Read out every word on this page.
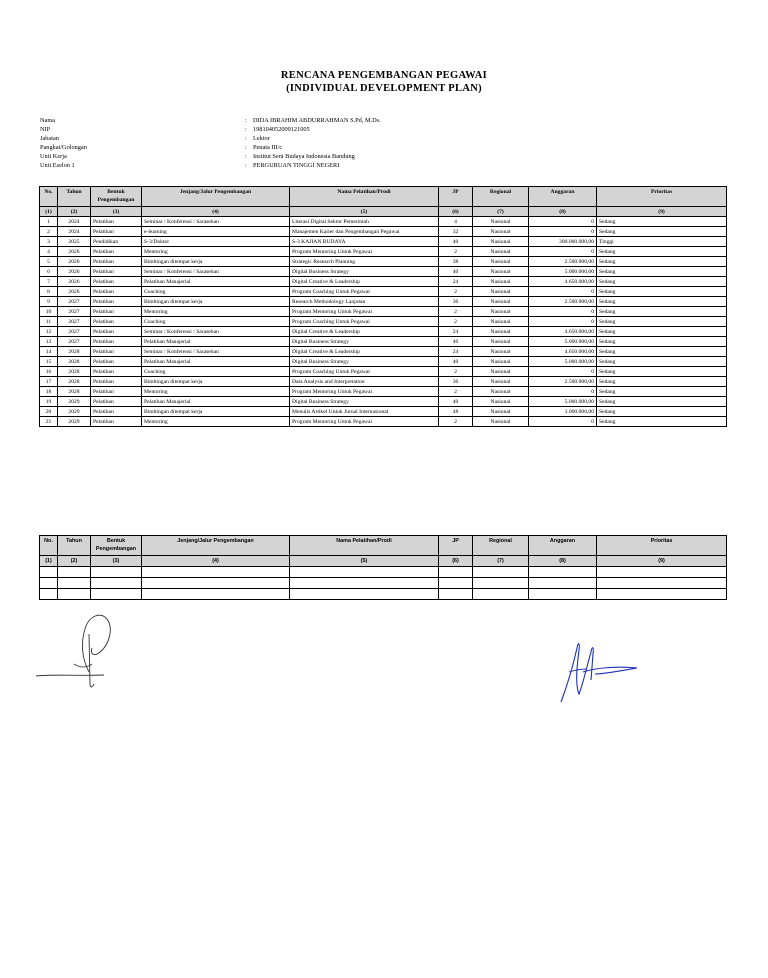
RENCANA PENGEMBANGAN PEGAWAI
(INDIVIDUAL DEVELOPMENT PLAN)
Nama	: DIDA IBRAHIM ABDURRAHMAN S.Pd, M.Ds.
NIP	: 198104052009121005
Jabatan	: Lektor
Pangkat/Golongan	: Penata III/c
Unit Kerja	: Institut Seni Budaya Indonesia Bandung
Unit Eselon 1	: PERGURUAN TINGGI NEGERI
No.	Tahun	Bentuk Pengembangan	Jenjang/Jalur Pengembangan	Nama Pelatihan/Prodi	JP	Regional	Anggaran	Prioritas
(1)	(2)	(3)	(4)	(5)	(6)	(7)	(8)	(9)
1	2024	Pelatihan	Seminar / Konferensi / Sarasehan	Literasi Digital Sektor Pemerintah	4	Nasional	0	Sedang
2	2024	Pelatihan	e-learning	Manajemen Karier dan Pengembangan Pegawai	32	Nasional	0	Sedang
3	2025	Pendidikan	S-3/Doktor	S-3 KAJIAN BUDAYA	40	Nasional	300.000.000,00	Tinggi
4	2026	Pelatihan	Mentoring	Program Mentoring Untuk Pegawai	2	Nasional	0	Sedang
5	2026	Pelatihan	Bimbingan ditempat kerja	Strategic Research Planning	38	Nasional	2.500.000,00	Sedang
6	2026	Pelatihan	Seminar / Konferensi / Sarasehan	Digital Business Strategy	40	Nasional	5.000.000,00	Sedang
7	2026	Pelatihan	Pelatihan Manajerial	Digital Creative & Leadership	24	Nasional	4.650.000,00	Sedang
8	2026	Pelatihan	Coaching	Program Coaching Untuk Pegawai	2	Nasional	0	Sedang
9	2027	Pelatihan	Bimbingan ditempat kerja	Research Methodology Lanjutan	36	Nasional	2.500.000,00	Sedang
10	2027	Pelatihan	Mentoring	Program Mentoring Untuk Pegawai	2	Nasional	0	Sedang
11	2027	Pelatihan	Coaching	Program Coaching Untuk Pegawai	2	Nasional	0	Sedang
12	2027	Pelatihan	Seminar / Konferensi / Sarasehan	Digital Creative & Leadership	24	Nasional	4.650.000,00	Sedang
13	2027	Pelatihan	Pelatihan Manajerial	Digital Business Strategy	40	Nasional	5.000.000,00	Sedang
14	2028	Pelatihan	Seminar / Konferensi / Sarasehan	Digital Creative & Leadership	24	Nasional	4.650.000,00	Sedang
15	2028	Pelatihan	Pelatihan Manajerial	Digital Business Strategy	40	Nasional	5.000.000,00	Sedang
16	2028	Pelatihan	Coaching	Program Coaching Untuk Pegawai	2	Nasional	0	Sedang
17	2028	Pelatihan	Bimbingan ditempat kerja	Data Analysis and Interpretation	36	Nasional	2.500.000,00	Sedang
18	2028	Pelatihan	Mentoring	Program Mentoring Untuk Pegawai	2	Nasional	0	Sedang
19	2029	Pelatihan	Pelatihan Manajerial	Digital Business Strategy	40	Nasional	5.000.000,00	Sedang
20	2029	Pelatihan	Bimbingan ditempat kerja	Menulis Artikel Untuk Jurnal Internasional	48	Nasional	3.000.000,00	Sedang
21	2029	Pelatihan	Mentoring	Program Mentoring Untuk Pegawai	2	Nasional	0	Sedang
No.	Tahun	Bentuk Pengembangan	Jenjang/Jalur Pengembangan	Nama Pelatihan/Prodi	JP	Regional	Anggaran	Prioritas
(1)	(2)	(3)	(4)	(5)	(6)	(7)	(8)	(9)
